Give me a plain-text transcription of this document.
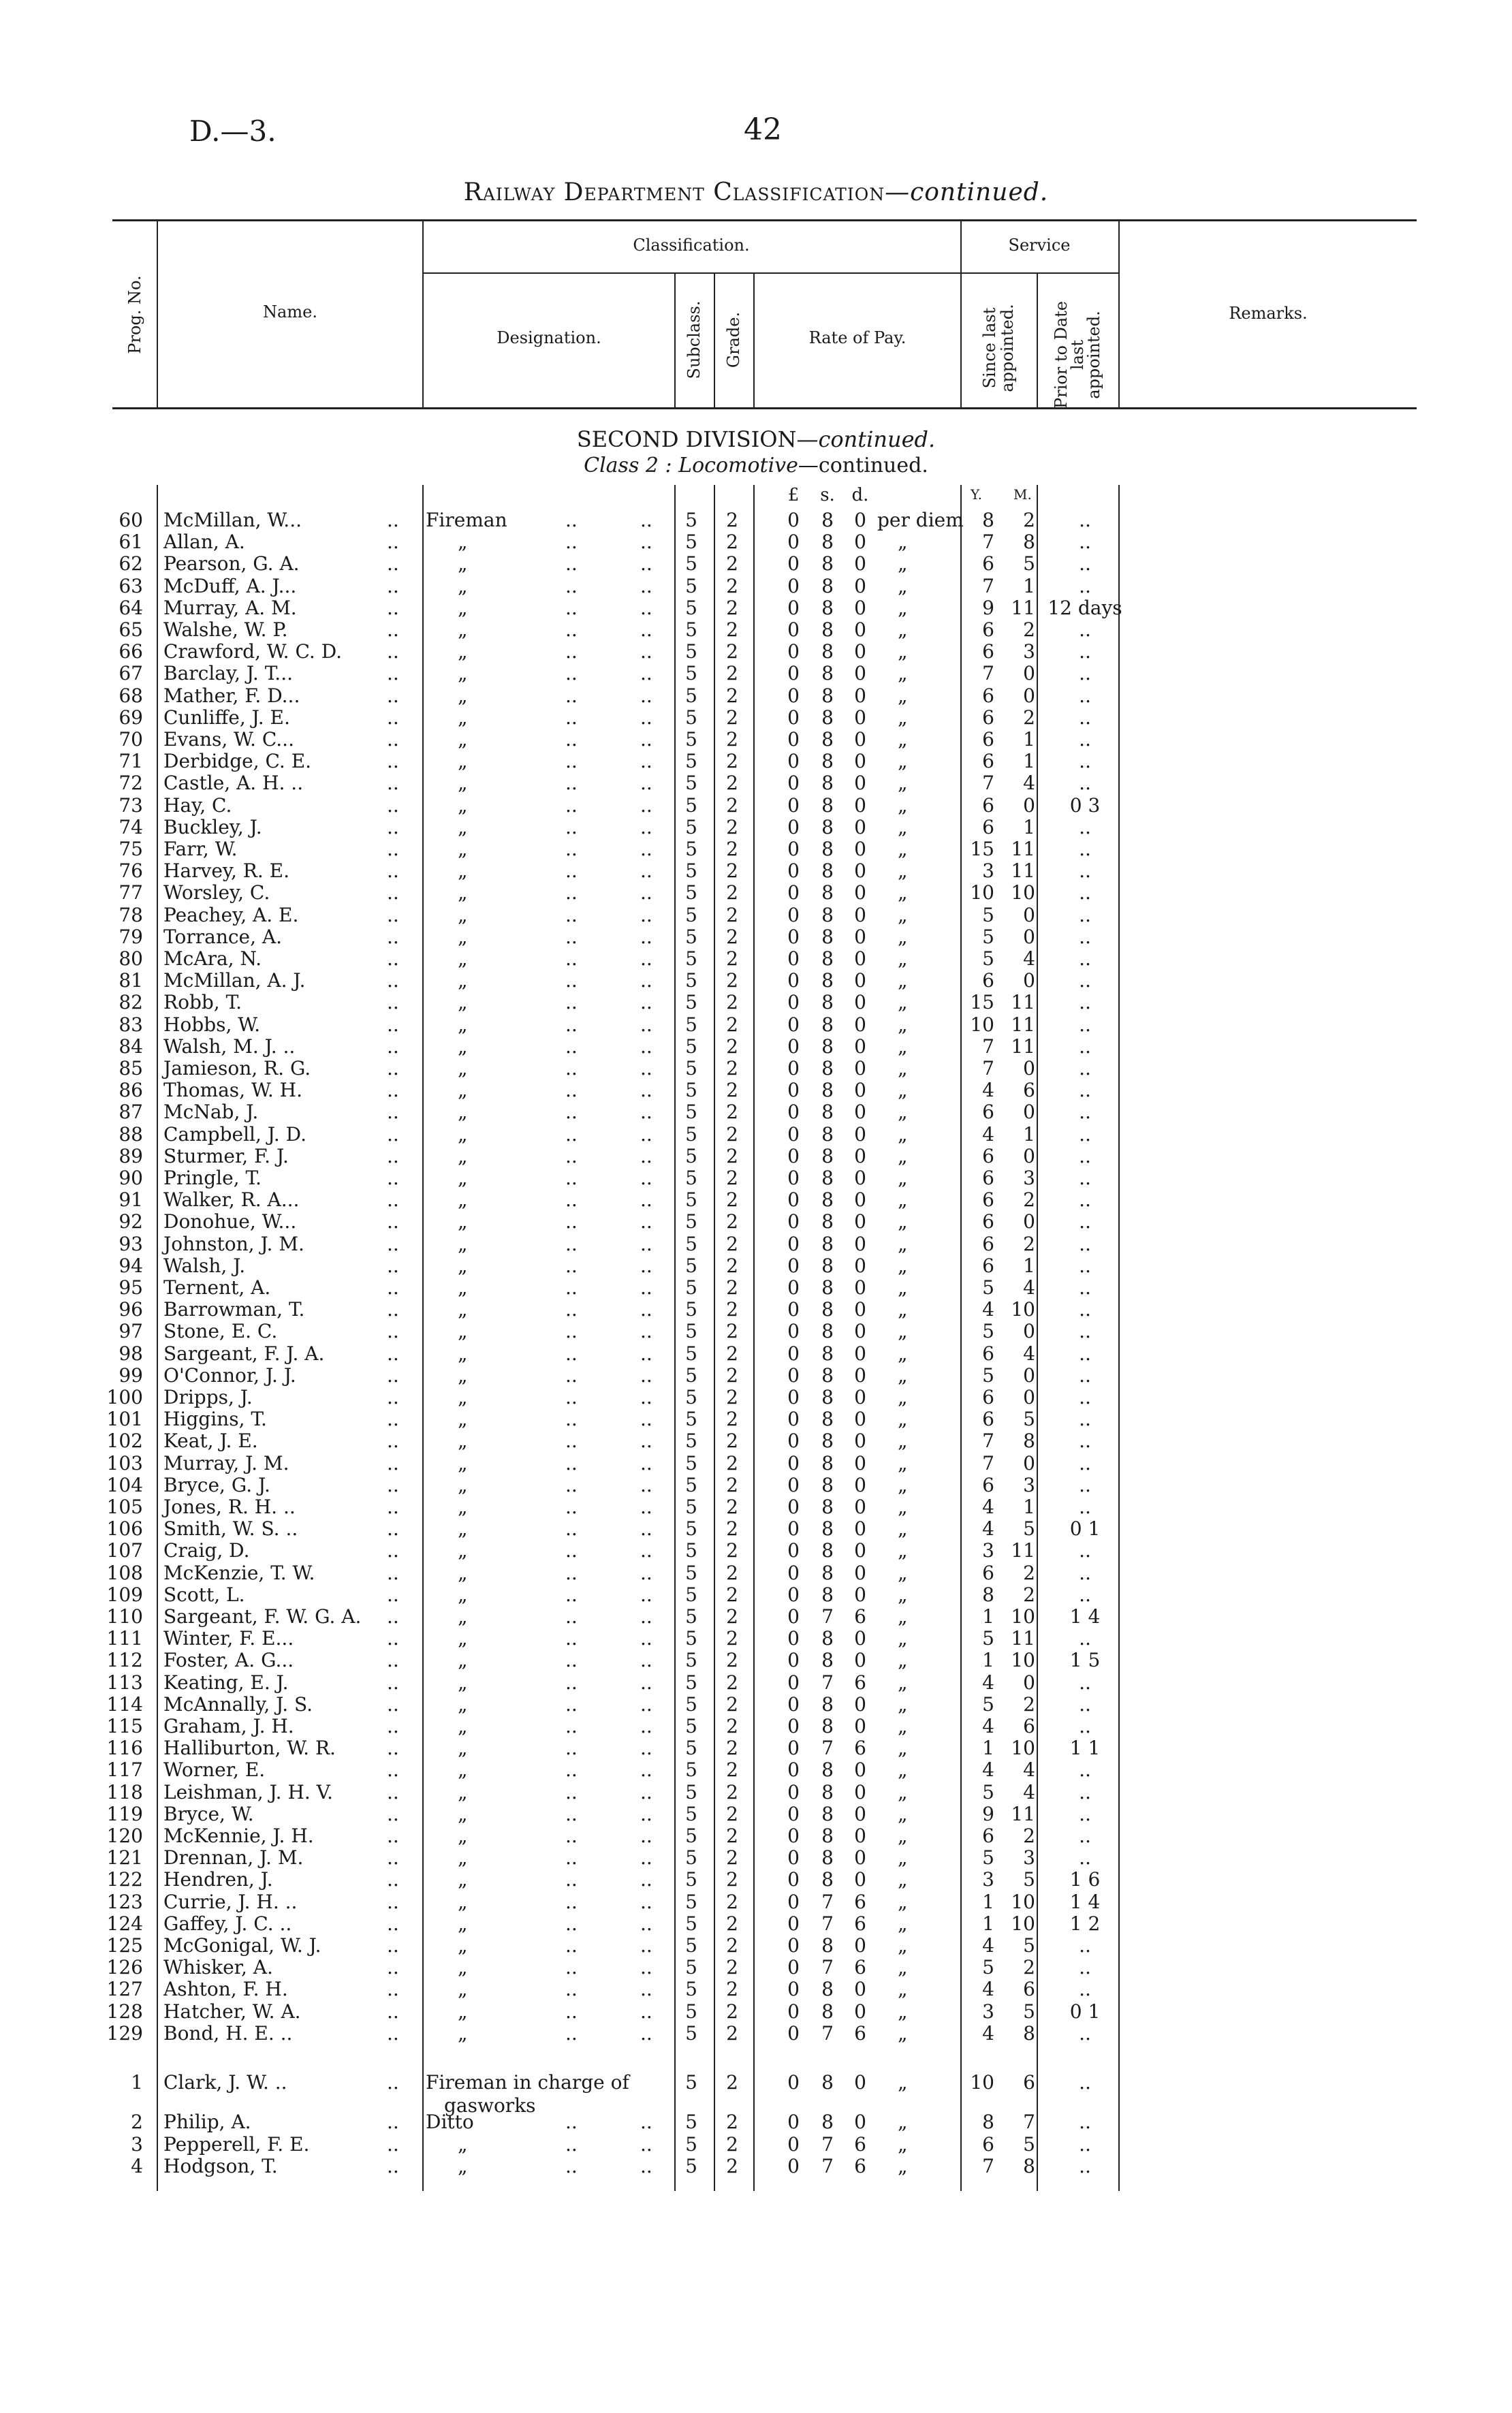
D.—3.	42
Railway Department Classification—continued.
Prog. No.	Name.
Classification.
Designation.	Subclass. Grade.	Rate of Pay.
Service
Since last appointed. Prior to Date last appointed.	Remarks.
SECOND DIVISION—continued.
Class 2 : Locomotive—continued.
£ s. d.	Y. M.
60 McMillan, W...	..	Fireman	..	..	5 2	0 8 0 per diem 8	2	..
61 Allan, A.	..	„	..	..	5 2	0 8 0 „	7	8	..
62 Pearson, G. A.	..	„	..	..	5 2	0 8 0 „	6	5	..
63 McDuff, A. J...	..	„	..	..	5 2	0 8 0 „	7	1	..
64 Murray, A. M.	..	„	..	..	5 2	0 8 0 „	9 11 12 days
65 Walshe, W. P.	..	„	..	..	5 2	0 8 0 „	6	2	..
66 Crawford, W. C. D.	..	„	..	..	5 2	0 8 0 „	6	3	..
67 Barclay, J. T...	..	„	..	..	5 2	0 8 0 „	7	0	..
68 Mather, F. D...	..	„	..	..	5 2	0 8 0 „	6	0	..
69 Cunliffe, J. E.	..	„	..	..	5 2	0 8 0 „	6	2	..
70 Evans, W. C...	..	„	..	..	5 2	0 8 0 „	6	1	..
71 Derbidge, C. E.	..	„	..	..	5 2	0 8 0 „	6	1	..
72 Castle, A. H. ..	..	„	..	..	5 2	0 8 0 „	7	4	..
73 Hay, C.	..	„	..	..	5 2	0 8 0 „	6	0	0 3
74 Buckley, J.	..	„	..	..	5 2	0 8 0 „	6	1	..
75 Farr, W.	..	„	..	..	5 2	0 8 0 „	15 11	..
76 Harvey, R. E.	..	„	..	..	5 2	0 8 0 „	3 11	..
77 Worsley, C.	..	„	..	..	5 2	0 8 0 „	10 10	..
78 Peachey, A. E.	..	„	..	..	5 2	0 8 0 „	5	0	..
79 Torrance, A.	..	„	..	..	5 2	0 8 0 „	5	0	..
80 McAra, N.	..	„	..	..	5 2	0 8 0 „	5	4	..
81 McMillan, A. J.	..	„	..	..	5 2	0 8 0 „	6	0	..
82 Robb, T.	..	„	..	..	5 2	0 8 0 „	15 11	..
83 Hobbs, W.	..	„	..	..	5 2	0 8 0 „	10 11	..
84 Walsh, M. J. ..	..	„	..	..	5 2	0 8 0 „	7 11	..
85 Jamieson, R. G.	..	„	..	..	5 2	0 8 0 „	7	0	..
86 Thomas, W. H.	..	„	..	..	5 2	0 8 0 „	4	6	..
87 McNab, J.	..	„	..	..	5 2	0 8 0 „	6	0	..
88 Campbell, J. D.	..	„	..	..	5 2	0 8 0 „	4	1	..
89 Sturmer, F. J.	..	„	..	..	5 2	0 8 0 „	6	0	..
90 Pringle, T.	..	„	..	..	5 2	0 8 0 „	6	3	..
91 Walker, R. A...	..	„	..	..	5 2	0 8 0 „	6	2	..
92 Donohue, W...	..	„	..	..	5 2	0 8 0 „	6	0	..
93 Johnston, J. M.	..	„	..	..	5 2	0 8 0 „	6	2	..
94 Walsh, J.	..	„	..	..	5 2	0 8 0 „	6	1	..
95 Ternent, A.	..	„	..	..	5 2	0 8 0 „	5	4	..
96 Barrowman, T.	..	„	..	..	5 2	0 8 0 „	4 10	..
97 Stone, E. C.	..	„	..	..	5 2	0 8 0 „	5	0	..
98 Sargeant, F. J. A.	..	„	..	..	5 2	0 8 0 „	6	4	..
99 O'Connor, J. J.	..	„	..	..	5 2	0 8 0 „	5	0	..
100 Dripps, J.	..	„	..	..	5 2	0 8 0 „	6	0	..
101 Higgins, T.	..	„	..	..	5 2	0 8 0 „	6	5	..
102 Keat, J. E.	..	„	..	..	5 2	0 8 0 „	7	8	..
103 Murray, J. M.	..	„	..	..	5 2	0 8 0 „	7	0	..
104 Bryce, G. J.	..	„	..	..	5 2	0 8 0 „	6	3	..
105 Jones, R. H. ..	..	„	..	..	5 2	0 8 0 „	4	1	..
106 Smith, W. S. ..	..	„	..	..	5 2	0 8 0 „	4	5	0 1
107 Craig, D.	..	„	..	..	5 2	0 8 0 „	3 11	..
108 McKenzie, T. W.	..	„	..	..	5 2	0 8 0 „	6	2	..
109 Scott, L.	..	„	..	..	5 2	0 8 0 „	8	2	..
110 Sargeant, F. W. G. A.	..	„	..	..	5 2	0 7 6 „	1 10	1 4
111 Winter, F. E...	..	„	..	..	5 2	0 8 0 „	5 11	..
112 Foster, A. G...	..	„	..	..	5 2	0 8 0 „	1 10	1 5
113 Keating, E. J.	..	„	..	..	5 2	0 7 6 „	4	0	..
114 McAnnally, J. S.	..	„	..	..	5 2	0 8 0 „	5	2	..
115 Graham, J. H.	..	„	..	..	5 2	0 8 0 „	4	6	..
116 Halliburton, W. R.	..	„	..	..	5 2	0 7 6 „	1 10	1 1
117 Worner, E.	..	„	..	..	5 2	0 8 0 „	4	4	..
118 Leishman, J. H. V.	..	„	..	..	5 2	0 8 0 „	5	4	..
119 Bryce, W.	..	„	..	..	5 2	0 8 0 „	9 11	..
120 McKennie, J. H.	..	„	..	..	5 2	0 8 0 „	6	2	..
121 Drennan, J. M.	..	„	..	..	5 2	0 8 0 „	5	3	..
122 Hendren, J.	..	„	..	..	5 2	0 8 0 „	3	5	1 6
123 Currie, J. H. ..	..	„	..	..	5 2	0 7 6 „	1 10	1 4
124 Gaffey, J. C. ..	..	„	..	..	5 2	0 7 6 „	1 10	1 2
125 McGonigal, W. J.	..	„	..	..	5 2	0 8 0 „	4	5	..
126 Whisker, A.	..	„	..	..	5 2	0 7 6 „	5	2	..
127 Ashton, F. H.	..	„	..	..	5 2	0 8 0 „	4	6	..
128 Hatcher, W. A.	..	„	..	..	5 2	0 8 0 „	3	5	0 1
129 Bond, H. E. ..	..	„	..	..	5 2	0 7 6 „	4	8	..
1 Clark, J. W. ..	..	Fireman in charge of	5 2	0 8 0 „	10	6	..
gasworks
2 Philip, A.	..	Ditto	..	..	5 2	0 8 0 „	8	7	..
3 Pepperell, F. E.	..	„	..	..	5 2	0 7 6 „	6	5	..
4 Hodgson, T.	..	„	..	..	5 2	0 7 6 „	7	8	..
